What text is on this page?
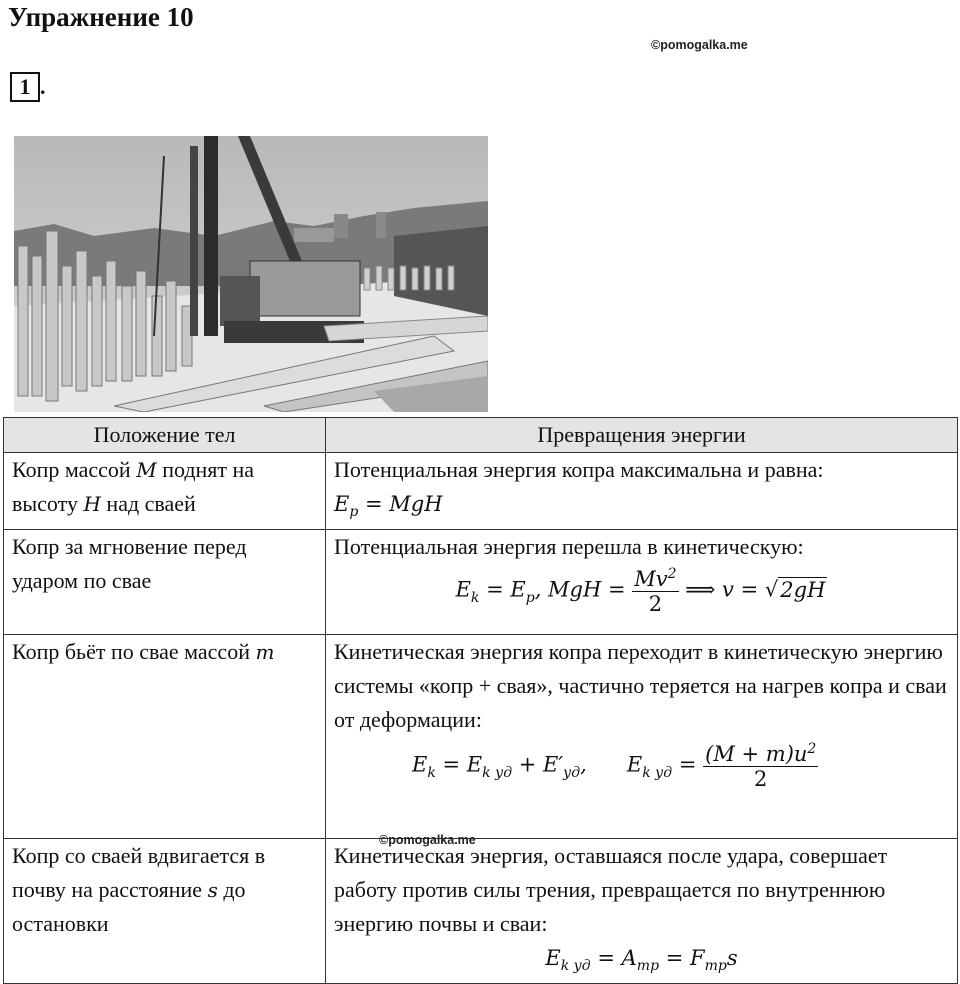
Упражнение 10
©pomogalka.me
1 .
Положение тел	Превращения энергии
Копр массой M поднят на высоту H над сваей	Потенциальная энергия копра максимальна и равна:
$E_p$ = MgH

Копр за мгновение перед ударом по свае	Потенциальная энергия перешла в кинетическую:
$E_k = E_p$, MgH = $\frac{Mv^2}{2}$ ⟹ v = √2gH

Копр бьёт по свае массой m	Кинетическая энергия копра переходит в кинетическую энергию системы «копр + свая», частично теряется на нагрев копра и сваи от деформации:
$E_k = E_{k уд} + E'_{уд}$,      $E_{k уд} = \frac{(M + m)u^2}{2}$
©pomogalka.me

Копр со сваей вдвигается в почву на расстояние s до остановки	Кинетическая энергия, оставшаяся после удара, совершает работу против силы трения, превращается по внутреннюю энергию почвы и сваи:
$E_{k уд} = A_{тр} = F_{тр}s$
